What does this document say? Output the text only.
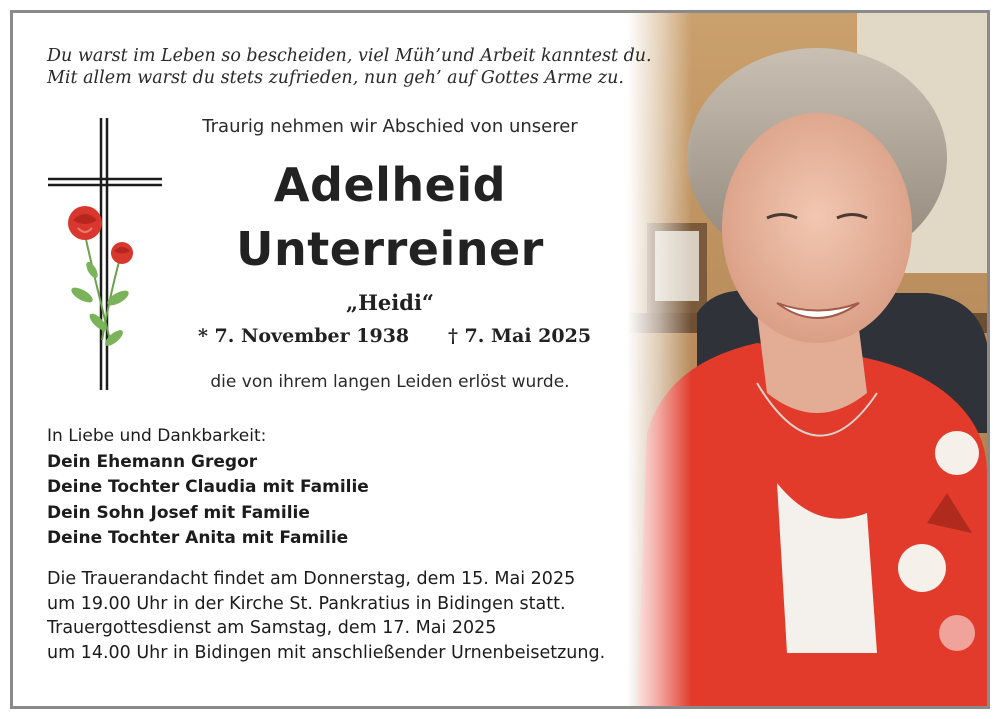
Du warst im Leben so bescheiden, viel Müh’und Arbeit kanntest du.
Mit allem warst du stets zufrieden, nun geh’ auf Gottes Arme zu.
Traurig nehmen wir Abschied von unserer
Adelheid
Unterreiner
„Heidi“
* 7. November 1938 † 7. Mai 2025
die von ihrem langen Leiden erlöst wurde.
In Liebe und Dankbarkeit:
Dein Ehemann Gregor
Deine Tochter Claudia mit Familie
Dein Sohn Josef mit Familie
Deine Tochter Anita mit Familie
Die Trauerandacht findet am Donnerstag, dem 15. Mai 2025
um 19.00 Uhr in der Kirche St. Pankratius in Bidingen statt.
Trauergottesdienst am Samstag, dem 17. Mai 2025
um 14.00 Uhr in Bidingen mit anschließender Urnenbeisetzung.
